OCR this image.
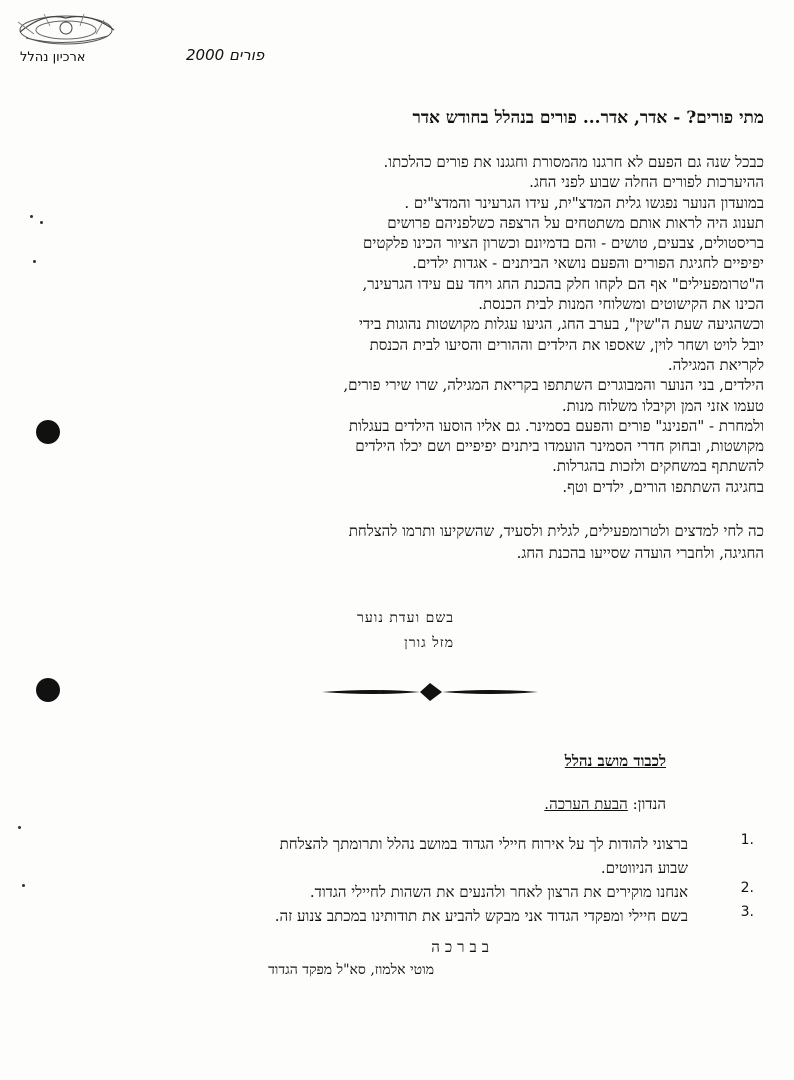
ארכיון נהלל	פורים 2000
מתי פורים? - אדר, אדר... פורים בנהלל בחודש אדר
כבכל שנה גם הפעם לא חרגנו מהמסורת וחגגנו את פורים כהלכתו.
ההיערכות לפורים החלה שבוע לפני החג.
במועדון הנוער נפגשו גלית המדצ"ית, עידו הגרעינר והמדצ"ים .
תענוג היה לראות אותם משתטחים על הרצפה כשלפניהם פרושים
בריסטולים, צבעים, טושים - והם בדמיונם וכשרון הציור הכינו פלקטים
יפיפיים לחגיגת הפורים והפעם נושאי הביתנים - אגדות ילדים.
ה"טרומפעילים" אף הם לקחו חלק בהכנת החג ויחד עם עידו הגרעינר,
הכינו את הקישוטים ומשלוחי המנות לבית הכנסת.
וכשהגיעה שעת ה"שין", בערב החג, הגיעו עגלות מקושטות נהוגות בידי
יובל לויט ושחר לוין, שאספו את הילדים וההורים והסיעו לבית הכנסת
לקריאת המגילה.
הילדים, בני הנוער והמבוגרים השתתפו בקריאת המגילה, שרו שירי פורים,
טעמו אזני המן וקיבלו משלוח מנות.
ולמחרת - "הפנינג" פורים והפעם בסמינר. גם אליו הוסעו הילדים בעגלות
מקושטות, ובחוק חדרי הסמינר הועמדו ביתנים יפיפיים ושם יכלו הילדים
להשתתף במשחקים ולזכות בהגרלות.
בחגיגה השתתפו הורים, ילדים וטף.
כה לחי למדצים ולטרומפעילים, לגלית ולסעיד, שהשקיעו ותרמו להצלחת
החגיגה, ולחברי הועדה שסייעו בהכנת החג.
בשם ועדת נוער
מזל גורן
לכבוד מושב נהלל
הנדון: הבעת הערכה.
1.
ברצוני להודות לך על אירוח חיילי הגדוד במושב נהלל ותרומתך להצלחת
שבוע הניווטים.
2.
אנחנו מוקירים את הרצון לאחר ולהנעים את השהות לחיילי הגדוד.
3.
בשם חיילי ומפקדי הגדוד אני מבקש להביע את תודותינו במכתב צנוע זה.
בברכה
מוטי אלמוז, סא"ל מפקד הגדוד
